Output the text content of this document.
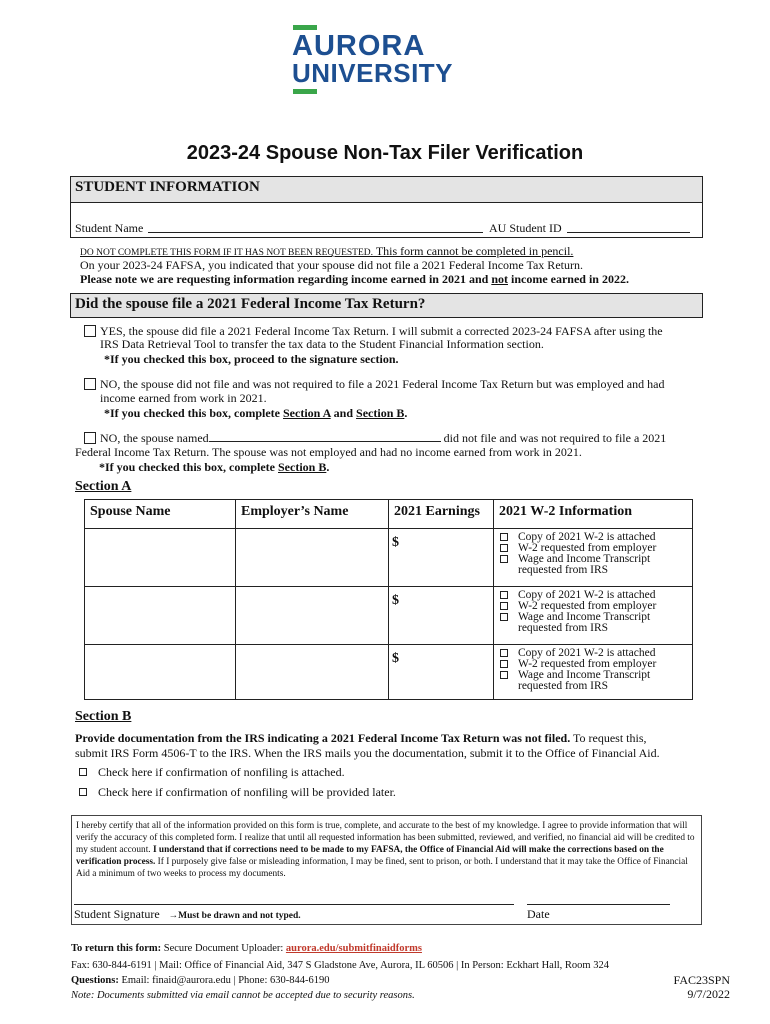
AURORA
UNIVERSITY
2023-24 Spouse Non-Tax Filer Verification
STUDENT INFORMATION
Student Name	AU Student ID
DO NOT COMPLETE THIS FORM IF IT HAS NOT BEEN REQUESTED. This form cannot be completed in pencil.
On your 2023-24 FAFSA, you indicated that your spouse did not file a 2021 Federal Income Tax Return.
Please note we are requesting information regarding income earned in 2021 and not income earned in 2022.
Did the spouse file a 2021 Federal Income Tax Return?
YES, the spouse did file a 2021 Federal Income Tax Return. I will submit a corrected 2023-24 FAFSA after using the
IRS Data Retrieval Tool to transfer the tax data to the Student Financial Information section.
*If you checked this box, proceed to the signature section.
NO, the spouse did not file and was not required to file a 2021 Federal Income Tax Return but was employed and had
income earned from work in 2021.
*If you checked this box, complete Section A and Section B.
NO, the spouse named	did not file and was not required to file a 2021
Federal Income Tax Return. The spouse was not employed and had no income earned from work in 2021.
*If you checked this box, complete Section B.
Section A
Spouse Name	Employer’s Name	2021 Earnings	2021 W-2 Information
		$	Copy of 2021 W-2 is attached
W-2 requested from employer
Wage and Income Transcript
requested from IRS

		$	Copy of 2021 W-2 is attached
W-2 requested from employer
Wage and Income Transcript
requested from IRS

		$	Copy of 2021 W-2 is attached
W-2 requested from employer
Wage and Income Transcript
requested from IRS
Section B
Provide documentation from the IRS indicating a 2021 Federal Income Tax Return was not filed. To request this,
submit IRS Form 4506-T to the IRS. When the IRS mails you the documentation, submit it to the Office of Financial Aid.
Check here if confirmation of nonfiling is attached.
Check here if confirmation of nonfiling will be provided later.
I hereby certify that all of the information provided on this form is true, complete, and accurate to the best of my knowledge. I agree to provide information that will verify the accuracy of this completed form. I realize that until all requested information has been submitted, reviewed, and verified, no financial aid will be credited to my student account. I understand that if corrections need to be made to my FAFSA, the Office of Financial Aid will make the corrections based on the verification process. If I purposely give false or misleading information, I may be fined, sent to prison, or both. I understand that it may take the Office of Financial Aid a minimum of two weeks to process my documents.
Student Signature →Must be drawn and not typed.	Date
To return this form: Secure Document Uploader: aurora.edu/submitfinaidforms
Fax: 630-844-6191 | Mail: Office of Financial Aid, 347 S Gladstone Ave, Aurora, IL 60506 | In Person: Eckhart Hall, Room 324
Questions: Email: finaid@aurora.edu | Phone: 630-844-6190
Note: Documents submitted via email cannot be accepted due to security reasons.
FAC23SPN
9/7/2022
